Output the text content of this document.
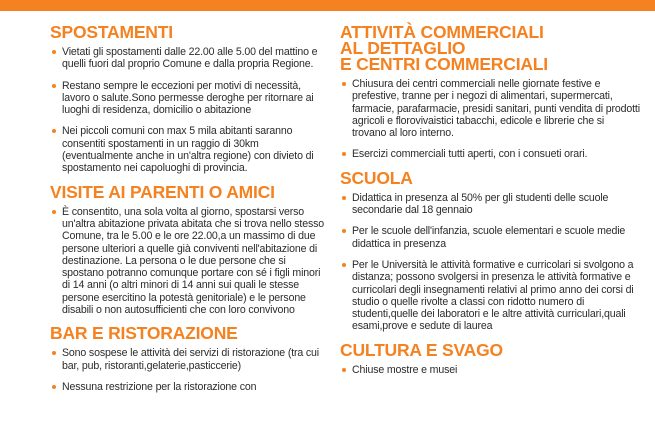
SPOSTAMENTI
Vietati gli spostamenti dalle 22.00 alle 5.00 del mattino e quelli fuori dal proprio Comune e dalla propria Regione.
Restano sempre le eccezioni per motivi di necessità, lavoro o salute.Sono permesse deroghe per ritornare ai luoghi di residenza, domicilio o abitazione
Nei piccoli comuni con max 5 mila abitanti saranno consentiti spostamenti in un raggio di 30km (eventualmente anche in un'altra regione) con divieto di spostamento nei capoluoghi di provincia.
VISITE AI PARENTI O AMICI
È consentito, una sola volta al giorno, spostarsi verso un'altra abitazione privata abitata che si trova nello stesso Comune, tra le 5.00 e le ore 22.00,a un massimo di due persone ulteriori a quelle già conviventi nell'abitazione di destinazione. La persona o le due persone che si spostano potranno comunque portare con sé i figli minori di 14 anni (o altri minori di 14 anni sui quali le stesse persone esercitino la potestà genitoriale) e le persone disabili o non autosufficienti che con loro convivono
BAR E RISTORAZIONE
Sono sospese le attività dei servizi di ristorazione (tra cui bar, pub, ristoranti,gelaterie,pasticcerie)
Nessuna restrizione per la ristorazione con
ATTIVITÀ COMMERCIALI
AL DETTAGLIO
E CENTRI COMMERCIALI
Chiusura dei centri commerciali nelle giornate festive e prefestive, tranne per i negozi di alimentari, supermercati, farmacie, parafarmacie, presidi sanitari, punti vendita di prodotti agricoli e florovivaistici tabacchi, edicole e librerie che si trovano al loro interno.
Esercizi commerciali tutti aperti, con i consueti orari.
SCUOLA
Didattica in presenza al 50% per gli studenti delle scuole secondarie dal 18 gennaio
Per le scuole dell'infanzia, scuole elementari e scuole medie didattica in presenza
Per le Università le attività formative e curricolari si svolgono a distanza; possono svolgersi in presenza le attività formative e curricolari degli insegnamenti relativi al primo anno dei corsi di studio o quelle rivolte a classi con ridotto numero di studenti,quelle dei laboratori e le altre attività curriculari,quali esami,prove e sedute di laurea
CULTURA E SVAGO
Chiuse mostre e musei
